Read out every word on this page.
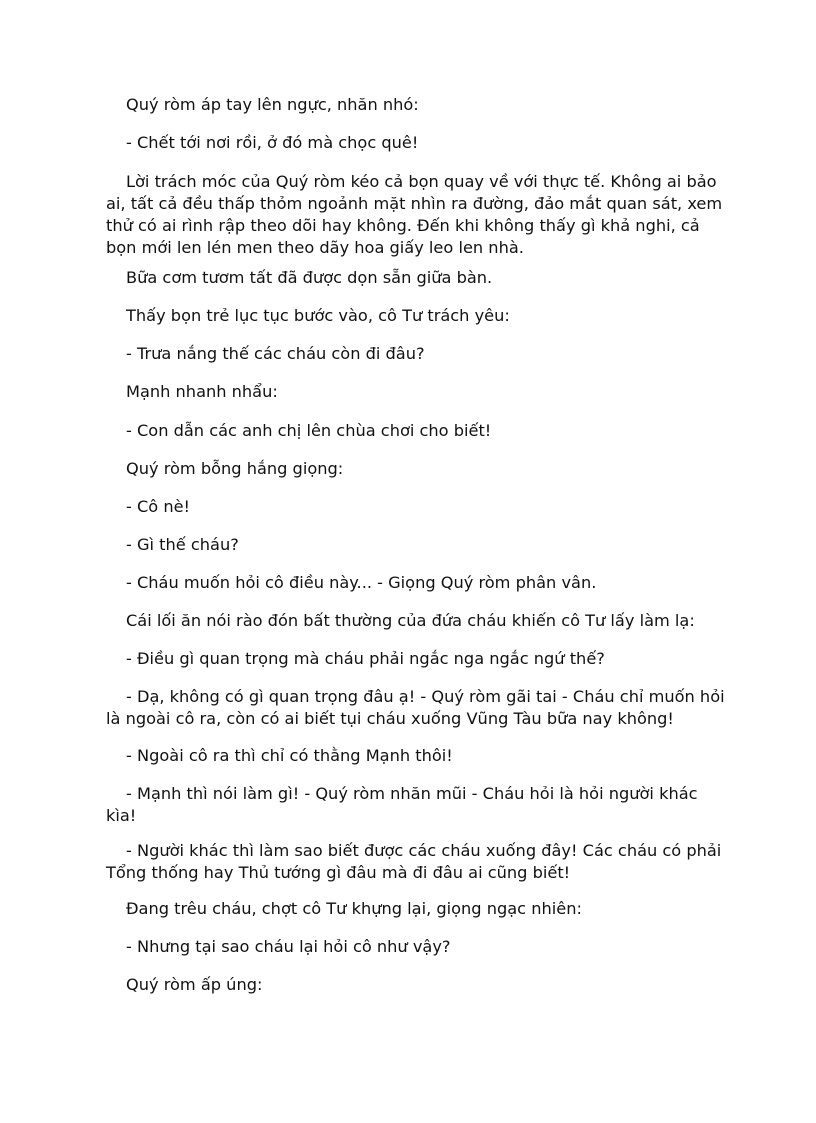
Quý ròm áp tay lên ngực, nhăn nhó:

- Chết tới nơi rồi, ở đó mà chọc quê!

Lời trách móc của Quý ròm kéo cả bọn quay về với thực tế. Không ai bảo ai, tất cả đều thấp thỏm ngoảnh mặt nhìn ra đường, đảo mắt quan sát, xem thử có ai rình rập theo dõi hay không. Đến khi không thấy gì khả nghi, cả bọn mới len lén men theo dãy hoa giấy leo len nhà.

Bữa cơm tươm tất đã được dọn sẵn giữa bàn.

Thấy bọn trẻ lục tục bước vào, cô Tư trách yêu:

- Trưa nắng thế các cháu còn đi đâu?

Mạnh nhanh nhẩu:

- Con dẫn các anh chị lên chùa chơi cho biết!

Quý ròm bỗng hắng giọng:

- Cô nè!

- Gì thế cháu?

- Cháu muốn hỏi cô điều này... - Giọng Quý ròm phân vân.

Cái lối ăn nói rào đón bất thường của đứa cháu khiến cô Tư lấy làm lạ:

- Điều gì quan trọng mà cháu phải ngắc nga ngắc ngứ thế?

- Dạ, không có gì quan trọng đâu ạ! - Quý ròm gãi tai - Cháu chỉ muốn hỏi là ngoài cô ra, còn có ai biết tụi cháu xuống Vũng Tàu bữa nay không!

- Ngoài cô ra thì chỉ có thằng Mạnh thôi!

- Mạnh thì nói làm gì! - Quý ròm nhăn mũi - Cháu hỏi là hỏi người khác kìa!

- Người khác thì làm sao biết được các cháu xuống đây! Các cháu có phải Tổng thống hay Thủ tướng gì đâu mà đi đâu ai cũng biết!

Đang trêu cháu, chợt cô Tư khựng lại, giọng ngạc nhiên:

- Nhưng tại sao cháu lại hỏi cô như vậy?

Quý ròm ấp úng:
